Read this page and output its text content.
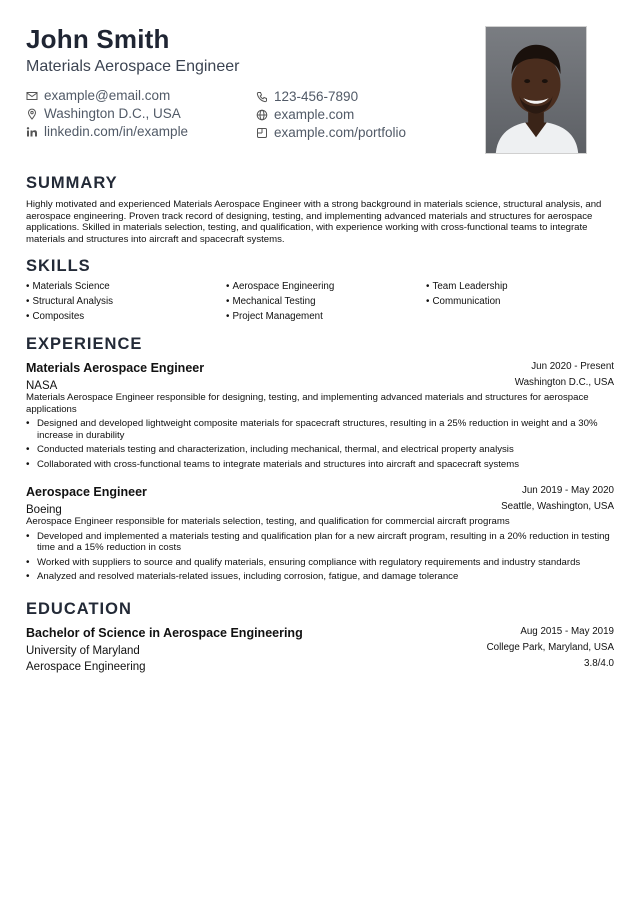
John Smith
Materials Aerospace Engineer
example@email.com	123-456-7890
Washington D.C., USA	example.com
linkedin.com/in/example	example.com/portfolio
SUMMARY
Highly motivated and experienced Materials Aerospace Engineer with a strong background in materials science, structural analysis, and aerospace engineering. Proven track record of designing, testing, and implementing advanced materials and structures for aerospace applications. Skilled in materials selection, testing, and qualification, with experience working with cross-functional teams to integrate materials and structures into aircraft and spacecraft systems.
SKILLS
• Materials Science	• Aerospace Engineering	• Team Leadership
• Structural Analysis	• Mechanical Testing	• Communication
• Composites	• Project Management
EXPERIENCE
Materials Aerospace Engineer	Jun 2020 - Present
NASA	Washington D.C., USA
Materials Aerospace Engineer responsible for designing, testing, and implementing advanced materials and structures for aerospace applications
• Designed and developed lightweight composite materials for spacecraft structures, resulting in a 25% reduction in weight and a 30% increase in durability
• Conducted materials testing and characterization, including mechanical, thermal, and electrical property analysis
• Collaborated with cross-functional teams to integrate materials and structures into aircraft and spacecraft systems
Aerospace Engineer	Jun 2019 - May 2020
Boeing	Seattle, Washington, USA
Aerospace Engineer responsible for materials selection, testing, and qualification for commercial aircraft programs
• Developed and implemented a materials testing and qualification plan for a new aircraft program, resulting in a 20% reduction in testing time and a 15% reduction in costs
• Worked with suppliers to source and qualify materials, ensuring compliance with regulatory requirements and industry standards
• Analyzed and resolved materials-related issues, including corrosion, fatigue, and damage tolerance
EDUCATION
Bachelor of Science in Aerospace Engineering	Aug 2015 - May 2019
University of Maryland	College Park, Maryland, USA
Aerospace Engineering	3.8/4.0
